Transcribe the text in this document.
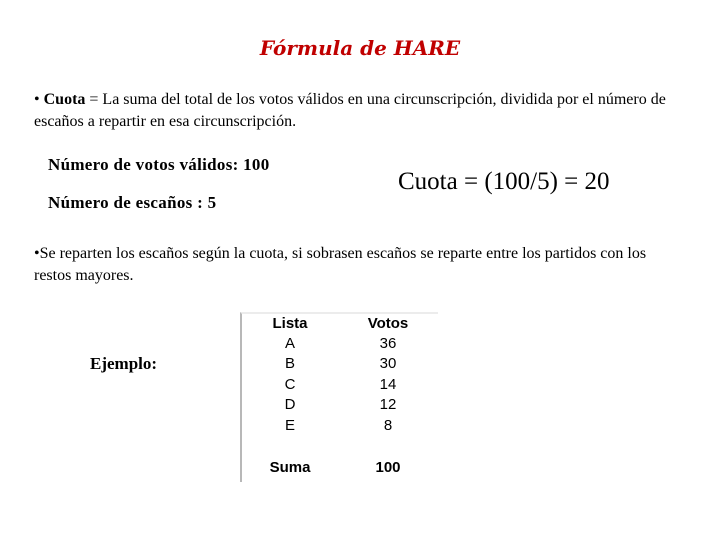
Fórmula de HARE
• Cuota = La suma del total de los votos válidos en una circunscripción, dividida por el número de escaños a repartir en esa circunscripción.
Número de votos válidos: 100
Número de escaños : 5
Cuota = (100/5) = 20
•Se reparten los escaños según la cuota, si sobrasen escaños se reparte entre los partidos con los restos mayores.
Ejemplo:
Lista	Votos
A	36
B	30
C	14
D	12
E	8
Suma	100
